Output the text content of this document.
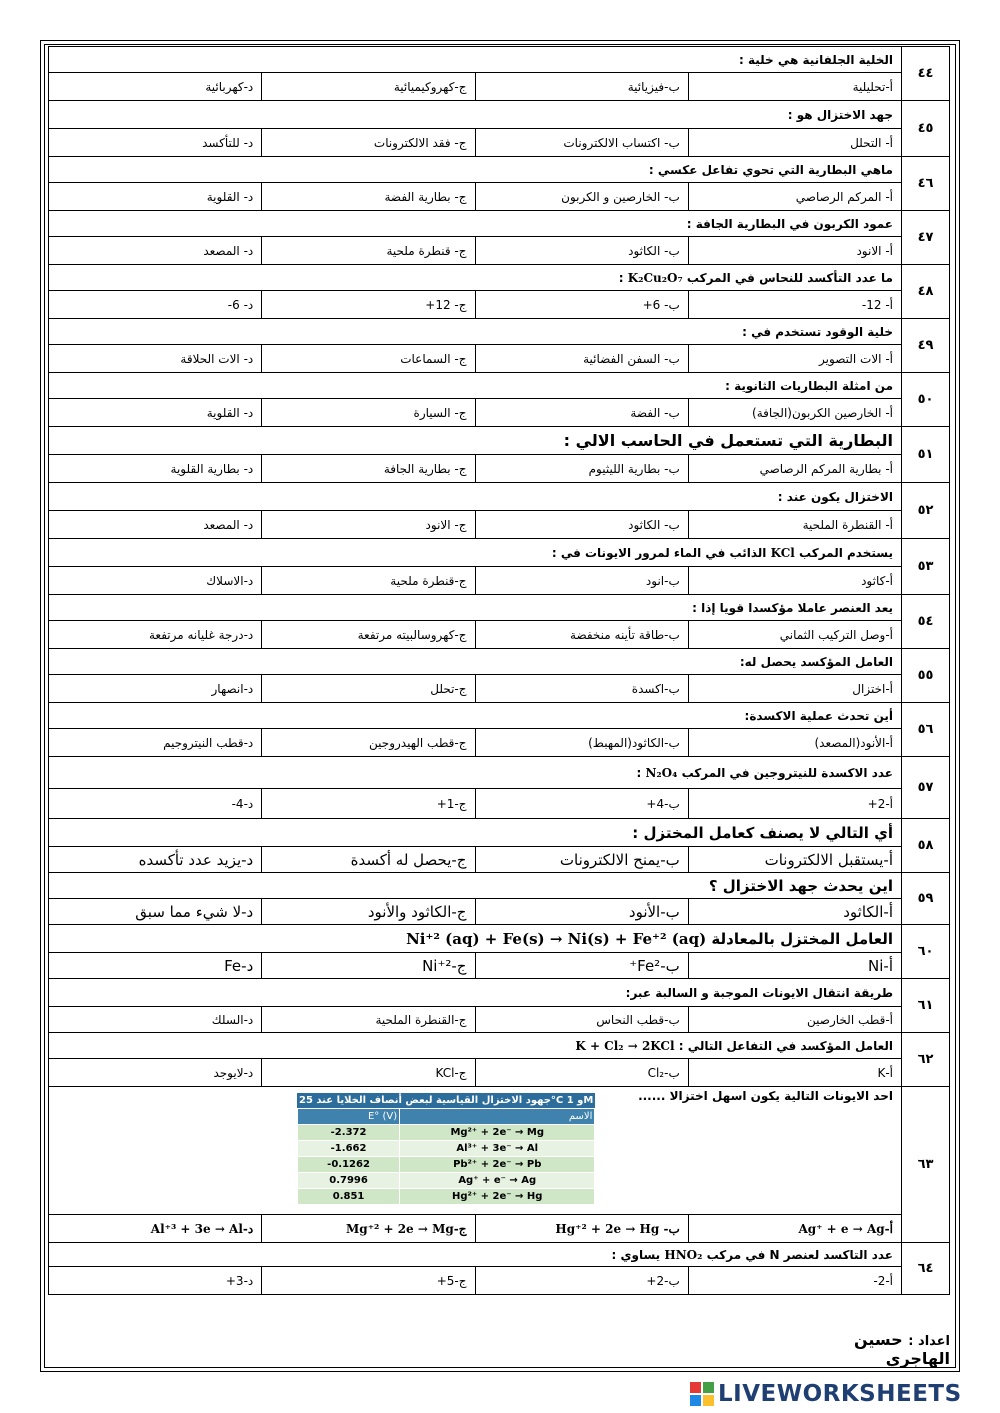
٤٤	الخلية الجلفانية هي خلية :
أ-تحليلية	ب-فيزيائية	ج-كهروكيميائية	د-كهربائية
٤٥	جهد الاختزال هو :
أ- التحلل	ب- اكتساب الالكترونات	ج- فقد الالكترونات	د- للتأكسد
٤٦	ماهي البطارية التي تحوي تفاعل عكسي :
أ- المركم الرصاصي	ب- الخارصين و الكربون	ج- بطارية الفضة	د- القلوية
٤٧	عمود الكربون في البطارية الجافة :
أ- الانود	ب- الكاثود	ج- قنطرة ملحية	د- المصعد
٤٨	ما عدد التأكسد للنحاس في المركب K₂Cu₂O₇ :
أ- 12-	ب- 6+	ج- 12+	د- 6-
٤٩	خلية الوقود تستخدم في :
أ- الات التصوير	ب- السفن الفضائية	ج- السماعات	د- الات الحلاقة
٥٠	من امثلة البطاريات الثانوية :
أ- الخارصين الكربون(الجافة)	ب- الفضة	ج- السيارة	د- القلوية
٥١	البطارية التي تستعمل في الحاسب الالي :
أ- بطارية المركم الرصاصي	ب- بطارية الليثيوم	ج- بطارية الجافة	د- بطارية القلوية
٥٢	الاختزال يكون عند :
أ- القنطرة الملحية	ب- الكاثود	ج- الانود	د- المصعد
٥٣	يستخدم المركب KCl الذائب في الماء لمرور الايونات في :
أ-كاثود	ب-انود	ج-قنطرة ملحية	د-الاسلاك
٥٤	يعد العنصر عاملا مؤكسدا قويا إذا :
أ-وصل التركيب الثماني	ب-طاقة تأينه منخفضة	ج-كهروسالبيته مرتفعة	د-درجة غليانه مرتفعة
٥٥	العامل المؤكسد يحصل له:
أ-اختزال	ب-اكسدة	ج-تحلل	د-انصهار
٥٦	أين تحدث عملية الاكسدة:
أ-الأنود(المصعد)	ب-الكاثود(المهبط)	ج-قطب الهيدروجين	د-قطب النيتروجيم
٥٧	عدد الاكسدة للنيتروجين في المركب N₂O₄ :
أ-2+	ب-4+	ج-1+	د-4-
٥٨	أي التالي لا يصنف كعامل المختزل :
أ-يستقبل الالكترونات	ب-يمنح الالكترونات	ج-يحصل له أكسدة	د-يزيد عدد تأكسده
٥٩	اين يحدث جهد الاختزال ؟
أ-الكاثود	ب-الأنود	ج-الكاثود والأنود	د-لا شيء مما سبق
٦٠	العامل المختزل بالمعادلة Ni⁺² (aq) + Fe(s) → Ni(s) + Fe⁺² (aq)
أ-Ni	ب-Fe²⁺	ج-Ni⁺²	د-Fe
٦١	طريقة انتقال الايونات الموجبة و السالبة عبر:
أ-قطب الخارصين	ب-قطب النحاس	ج-القنطرة الملحية	د-السلك
٦٢	العامل المؤكسد في التفاعل التالي : K + Cl₂ → 2KCl
أ-K	ب-Cl₂	ج-KCl	د-لايوجد
٦٣	احد الايونات التالية يكون اسهل اختزالا ......
جهود الاختزال القياسية لبعض أنصاف الخلايا عند 25°C و 1M
E° (V)	الاسم
-2.372	Mg²⁺ + 2e⁻ → Mg
-1.662	Al³⁺ + 3e⁻ → Al
-0.1262	Pb²⁺ + 2e⁻ → Pb
0.7996	Ag⁺ + e⁻ → Ag
0.851	Hg²⁺ + 2e⁻ → Hg

أ-Ag⁺ + e → Ag	ب- Hg⁺² + 2e → Hg	ج-Mg⁺² + 2e → Mg	د-Al⁺³ + 3e → Al
٦٤	عدد التاكسد لعنصر N في مركب HNO₂ يساوي :
أ-2-	ب-2+	ج-5+	د-3+
اعداد : حسين الهاجري
LIVEWORKSHEETS
